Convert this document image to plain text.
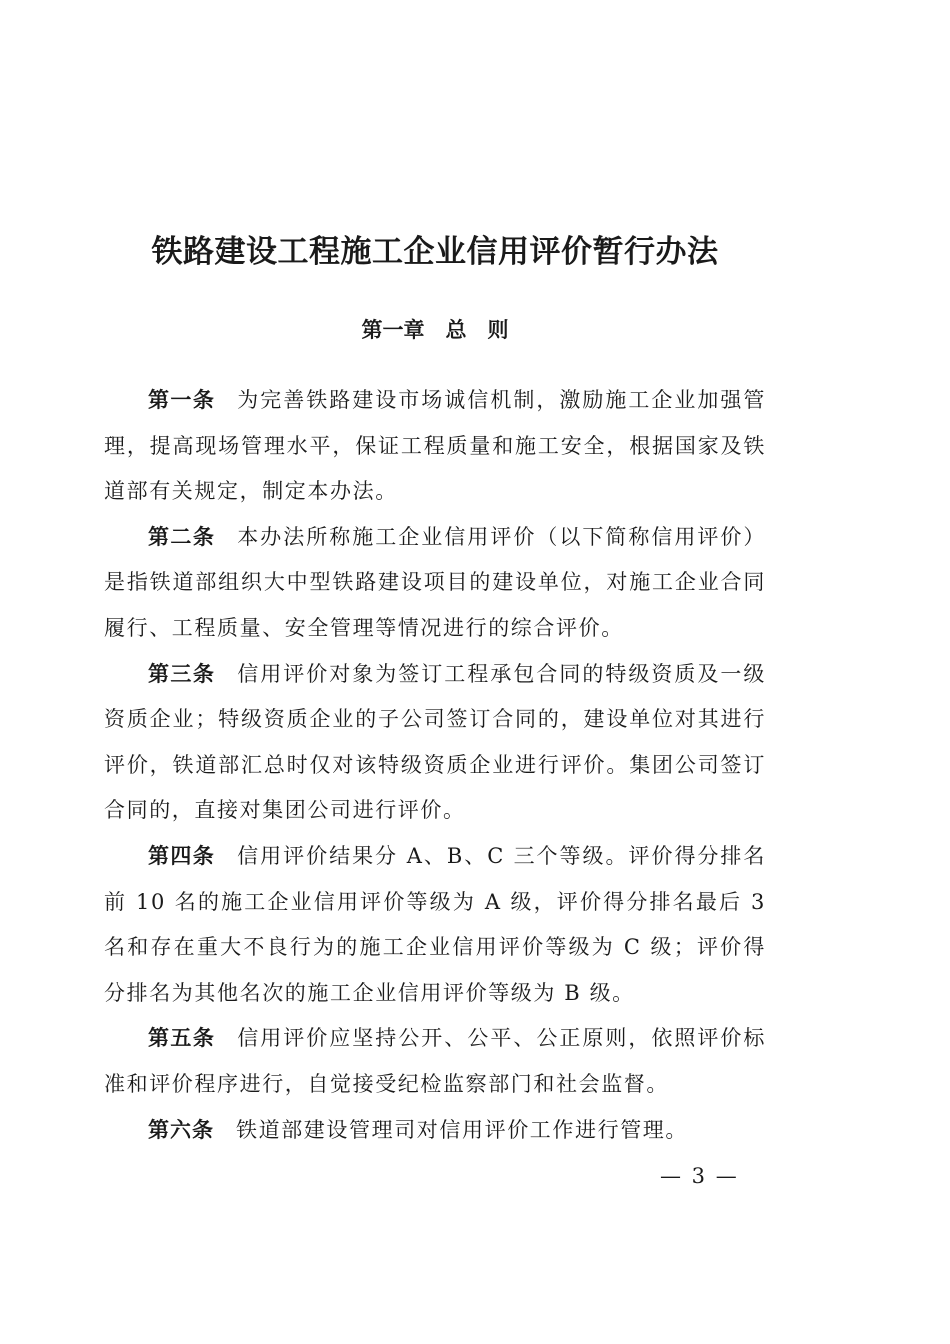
铁路建设工程施工企业信用评价暂行办法
第一章　总　则

第一条 为完善铁路建设市场诚信机制，激励施工企业加强管理，提高现场管理水平，保证工程质量和施工安全，根据国家及铁道部有关规定，制定本办法。

第二条 本办法所称施工企业信用评价（以下简称信用评价）是指铁道部组织大中型铁路建设项目的建设单位，对施工企业合同履行、工程质量、安全管理等情况进行的综合评价。

第三条 信用评价对象为签订工程承包合同的特级资质及一级资质企业；特级资质企业的子公司签订合同的，建设单位对其进行评价，铁道部汇总时仅对该特级资质企业进行评价。集团公司签订合同的，直接对集团公司进行评价。

第四条 信用评价结果分 A、B、C 三个等级。评价得分排名前 10 名的施工企业信用评价等级为 A 级，评价得分排名最后 3 名和存在重大不良行为的施工企业信用评价等级为 C 级；评价得分排名为其他名次的施工企业信用评价等级为 B 级。

第五条 信用评价应坚持公开、公平、公正原则，依照评价标准和评价程序进行，自觉接受纪检监察部门和社会监督。

第六条 铁道部建设管理司对信用评价工作进行管理。

— 3 —
